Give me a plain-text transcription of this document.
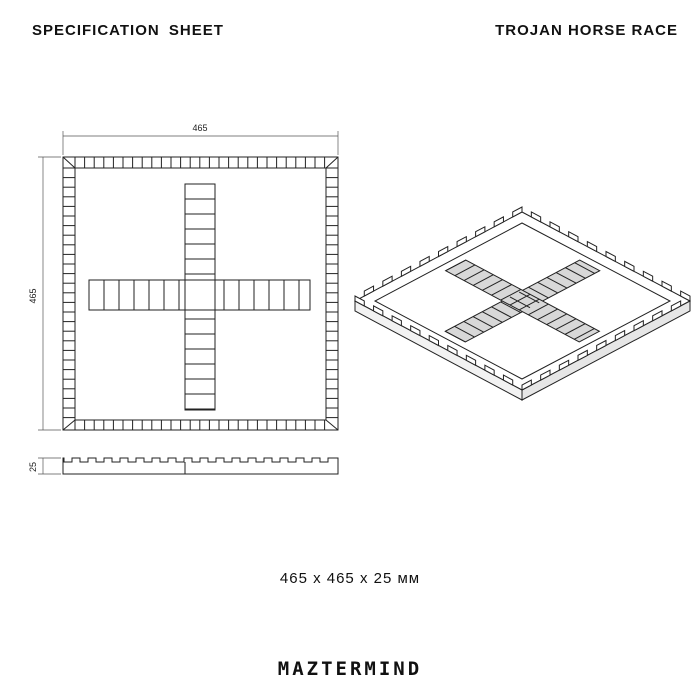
SPECIFICATION SHEET	TROJAN HORSE RACE
465
465
25
465 x 465 x 25 мм
MAZTERMIND
